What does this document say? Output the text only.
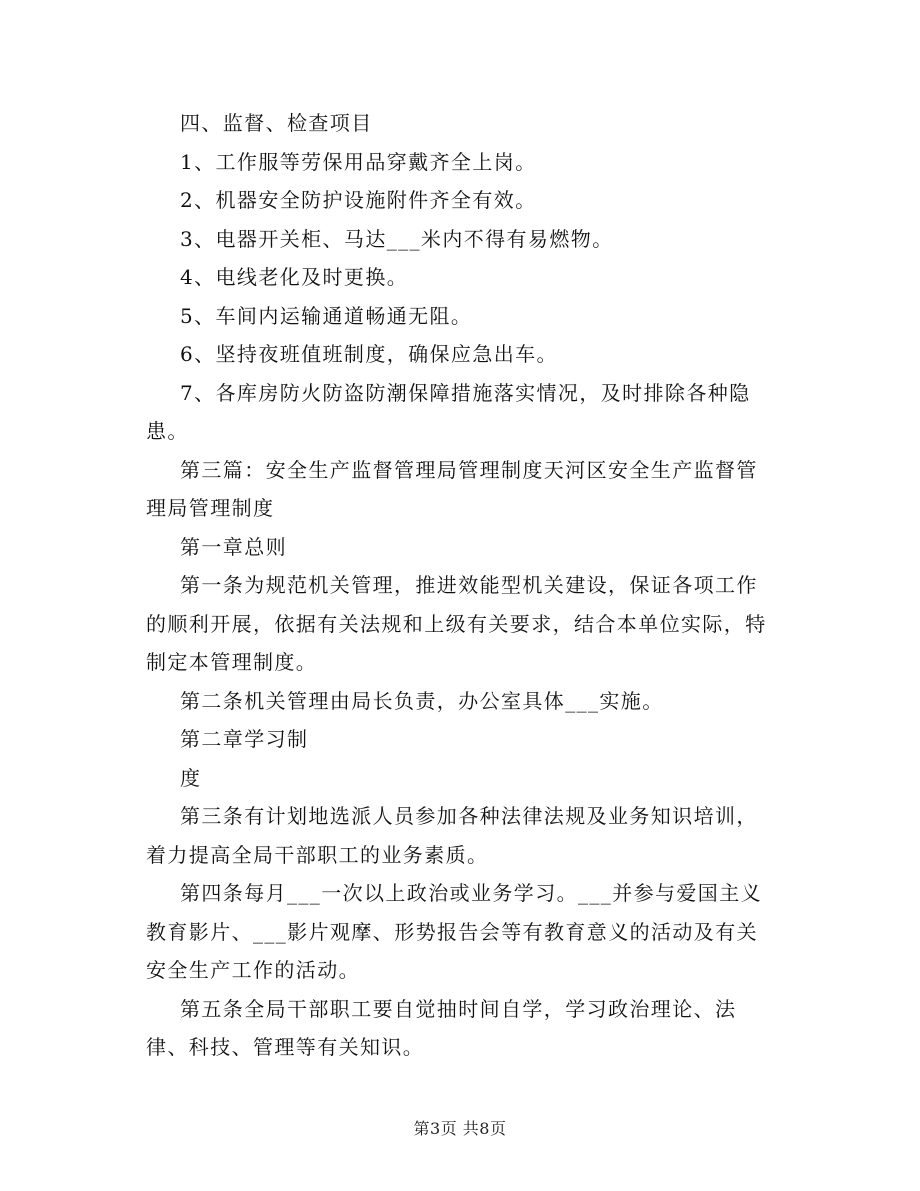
四、监督、检查项目

1、工作服等劳保用品穿戴齐全上岗。

2、机器安全防护设施附件齐全有效。

3、电器开关柜、马达___米内不得有易燃物。

4、电线老化及时更换。

5、车间内运输通道畅通无阻。

6、坚持夜班值班制度，确保应急出车。

7、各库房防火防盗防潮保障措施落实情况，及时排除各种隐患。

第三篇：安全生产监督管理局管理制度天河区安全生产监督管理局管理制度

第一章总则

第一条为规范机关管理，推进效能型机关建设，保证各项工作的顺利开展，依据有关法规和上级有关要求，结合本单位实际，特制定本管理制度。

第二条机关管理由局长负责，办公室具体___实施。

第二章学习制

度

第三条有计划地选派人员参加各种法律法规及业务知识培训，着力提高全局干部职工的业务素质。

第四条每月___一次以上政治或业务学习。___并参与爱国主义教育影片、___影片观摩、形势报告会等有教育意义的活动及有关安全生产工作的活动。

第五条全局干部职工要自觉抽时间自学，学习政治理论、法律、科技、管理等有关知识。

第3页 共8页
